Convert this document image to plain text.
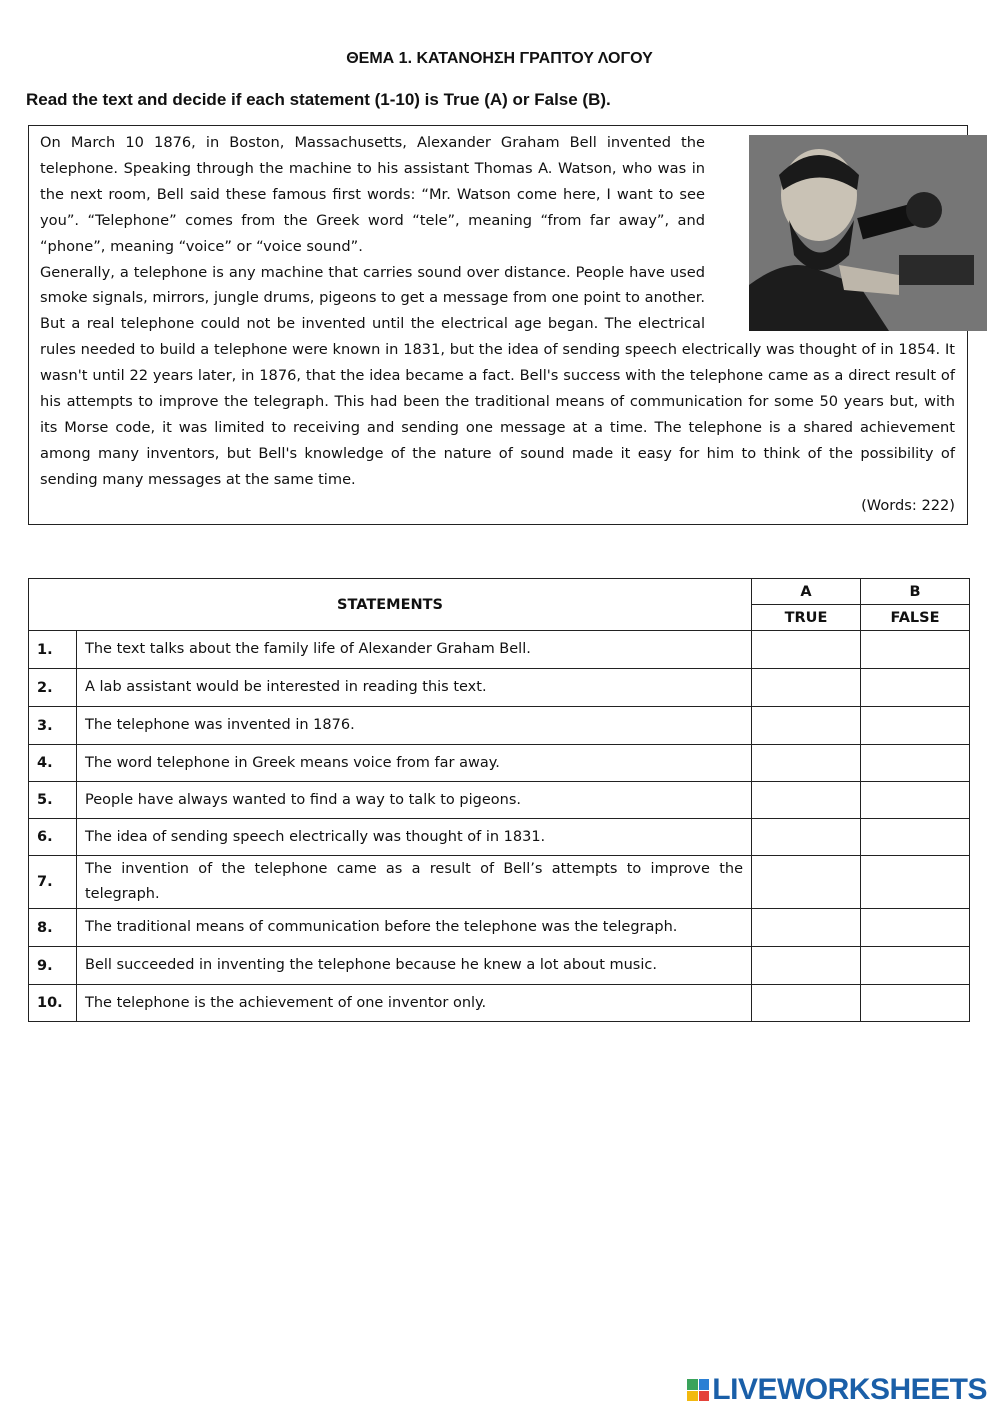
ΘΕΜΑ 1. ΚΑΤΑΝΟΗΣΗ ΓΡΑΠΤΟΥ ΛΟΓΟΥ
Read the text and decide if each statement (1-10) is True (A) or False (B).

On March 10 1876, in Boston, Massachusetts, Alexander Graham Bell invented the telephone. Speaking through the machine to his assistant Thomas A. Watson, who was in the next room, Bell said these famous first words: “Mr. Watson come here, I want to see you”. “Telephone” comes from the Greek word “tele”, meaning “from far away”, and “phone”, meaning “voice” or “voice sound”.

Generally, a telephone is any machine that carries sound over distance. People have used smoke signals, mirrors, jungle drums, pigeons to get a message from one point to another. But a real telephone could not be invented until the electrical age began. The electrical rules needed to build a telephone were known in 1831, but the idea of sending speech electrically was thought of in 1854. It wasn't until 22 years later, in 1876, that the idea became a fact. Bell's success with the telephone came as a direct result of his attempts to improve the telegraph. This had been the traditional means of communication for some 50 years but, with its Morse code, it was limited to receiving and sending one message at a time. The telephone is a shared achievement among many inventors, but Bell's knowledge of the nature of sound made it easy for him to think of the possibility of sending many messages at the same time.

(Words: 222)
STATEMENTS		A	B
		TRUE	FALSE
1.	The text talks about the family life of Alexander Graham Bell.		
2.	A lab assistant would be interested in reading this text.		
3.	The telephone was invented in 1876.		
4.	The word telephone in Greek means voice from far away.		
5.	People have always wanted to find a way to talk to pigeons.		
6.	The idea of sending speech electrically was thought of in 1831.		
7.	The invention of the telephone came as a result of Bell’s attempts to improve the telegraph.		
8.	The traditional means of communication before the telephone was the telegraph.		
9.	Bell succeeded in inventing the telephone because he knew a lot about music.		
10.	The telephone is the achievement of one inventor only.		
LIVEWORKSHEETS
